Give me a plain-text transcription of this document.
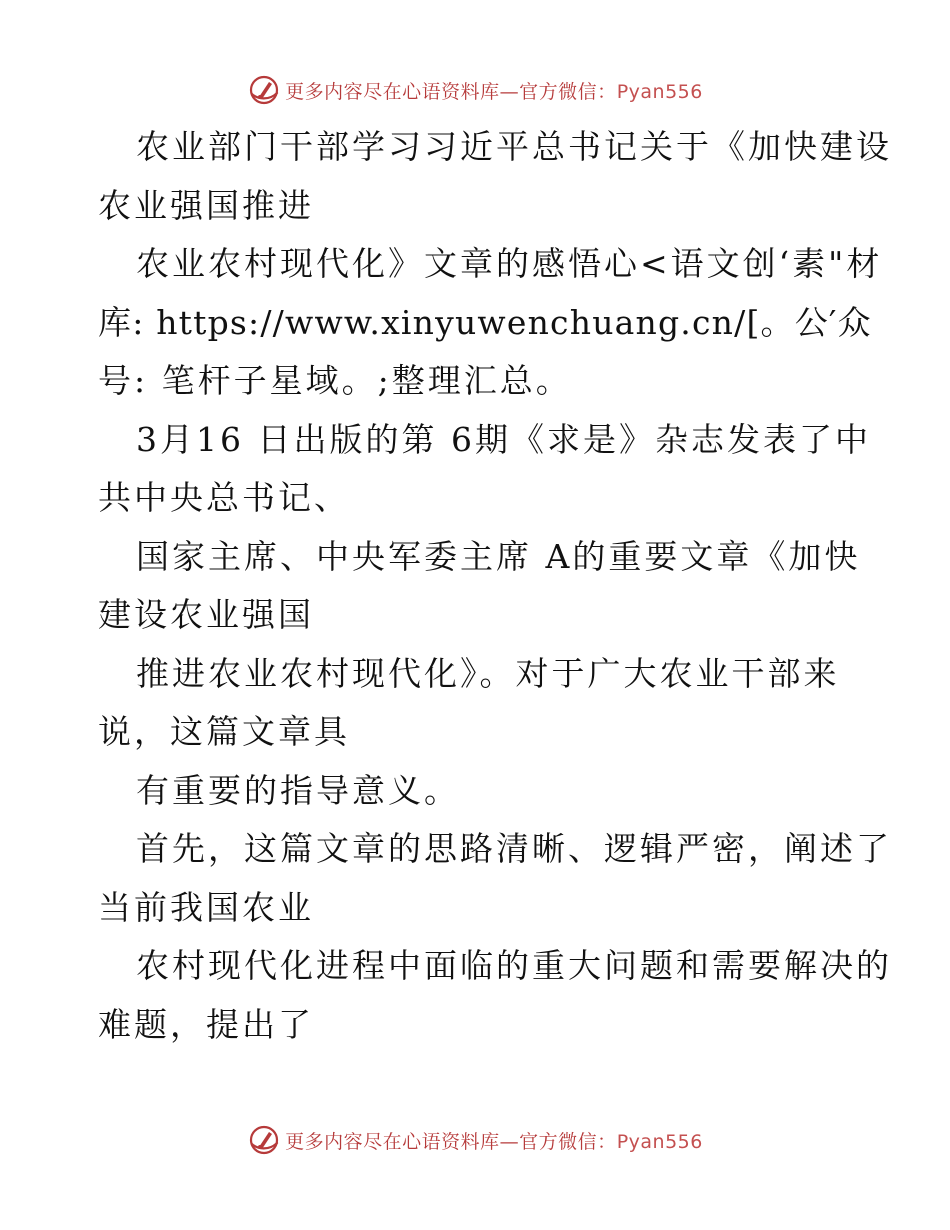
更多内容尽在心语资料库—官方微信：Pyan556
农业部门干部学习习近平总书记关于《加快建设
农业强国推进
农业农村现代化》文章的感悟心<语文创‘素"材
库: https://www.xinyuwenchuang.cn/[。公′众
号: 笔杆子星域。;整理汇总。
3月16 日出版的第 6期《求是》杂志发表了中
共中央总书记、
国家主席、中央军委主席 A的重要文章《加快
建设农业强国
推进农业农村现代化》。对于广大农业干部来
说，这篇文章具
有重要的指导意义。
首先，这篇文章的思路清晰、逻辑严密，阐述了
当前我国农业
农村现代化进程中面临的重大问题和需要解决的
难题，提出了
更多内容尽在心语资料库—官方微信：Pyan556
